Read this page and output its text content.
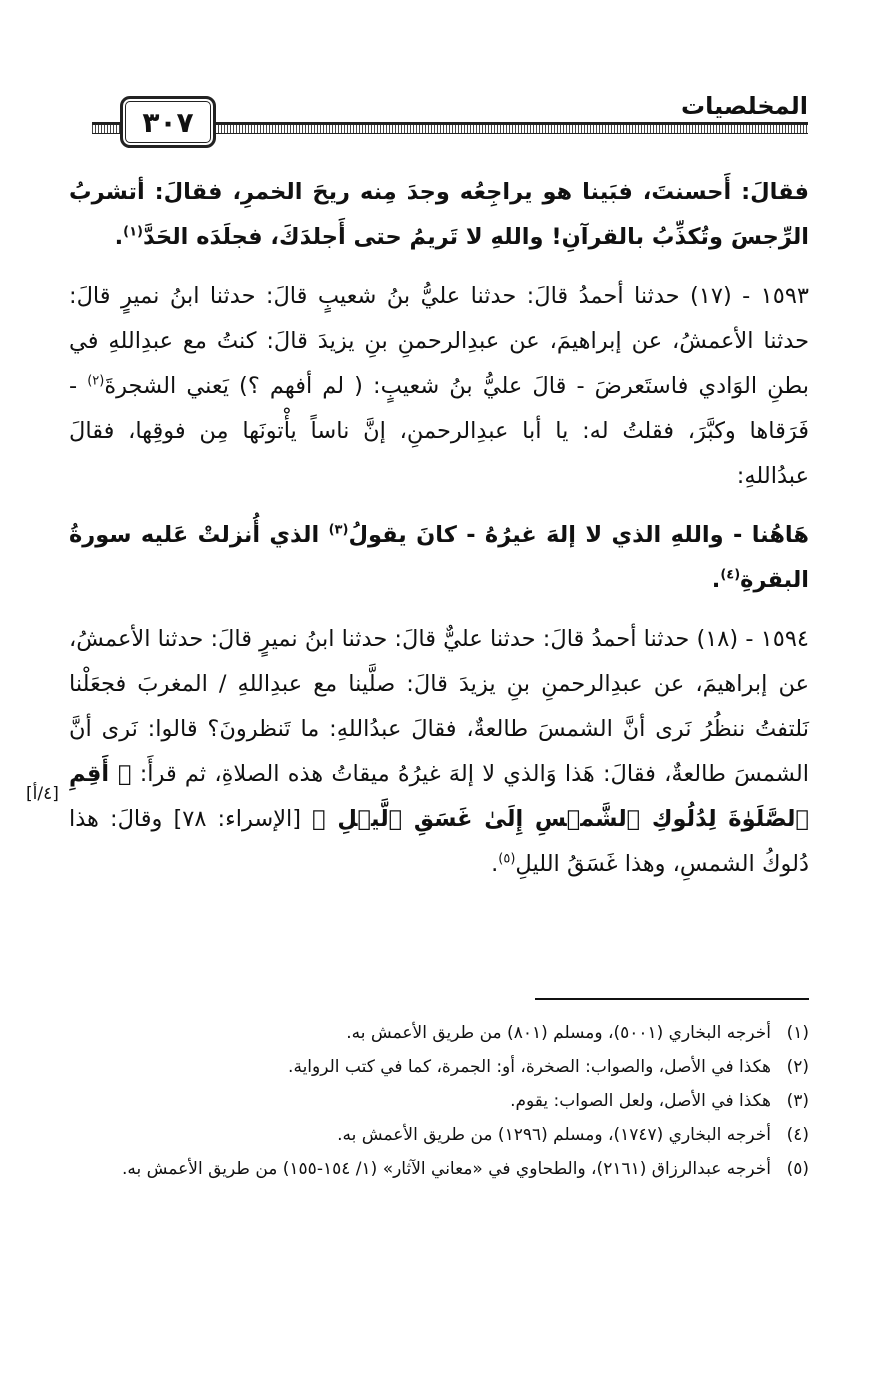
المخلصيات
٣٠٧

فقالَ: أَحسنتَ، فبَينا هو يراجِعُه وجدَ مِنه ريحَ الخمرِ، فقالَ: أتشربُ الرِّجسَ وتُكذِّبُ بالقرآنِ! واللهِ لا تَريمُ حتى أَجلدَكَ، فجلَدَه الحَدَّ$^{(١)}$.

١٥٩٣ - (١٧) حدثنا أحمدُ قالَ: حدثنا عليُّ بنُ شعيبٍ قالَ: حدثنا ابنُ نميرٍ قالَ: حدثنا الأعمشُ، عن إبراهيمَ، عن عبدِالرحمنِ بنِ يزيدَ قالَ: كنتُ مع عبدِاللهِ في بطنِ الوَادي فاستَعرضَ - قالَ عليُّ بنُ شعيبٍ: ( لم أفهم ؟) يَعني الشجرةَ$^{(٢)}$ - فَرَقاها وكبَّرَ، فقلتُ له: يا أبا عبدِالرحمنِ، إنَّ ناساً يأْتونَها مِن فوقِها، فقالَ عبدُاللهِ:

هَاهُنا - واللهِ الذي لا إلهَ غيرُهُ - كانَ يقولُ$^{(٣)}$ الذي أُنزلتْ عَليه سورةُ البقرةِ$^{(٤)}$.

١٥٩٤ - (١٨) حدثنا أحمدُ قالَ: حدثنا عليٌّ قالَ: حدثنا ابنُ نميرٍ قالَ: حدثنا الأعمشُ، عن إبراهيمَ، عن عبدِالرحمنِ بنِ يزيدَ قالَ: صلَّينا مع عبدِاللهِ / المغربَ فجعَلْنا نَلتفتُ ننظُرُ نَرى أنَّ الشمسَ طالعةٌ، فقالَ عبدُاللهِ: ما تَنظرونَ؟ قالوا: نَرى أنَّ الشمسَ طالعةٌ، فقالَ: هَذا وَالذي لا إلهَ غيرُهُ ميقاتُ هذه الصلاةِ، ثم قرأَ: ﴿ أَقِمِ ٱلصَّلَوٰةَ لِدُلُوكِ ٱلشَّمۡسِ إِلَىٰ غَسَقِ ٱلَّيۡلِ ﴾ [الإسراء: ٧٨] وقالَ: هذا دُلوكُ الشمسِ، وهذا غَسَقُ الليلِ$^{(٥)}$.

[٤/أ]
(١)
أخرجه البخاري (٥٠٠١)، ومسلم (٨٠١) من طريق الأعمش به.
(٢)
هكذا في الأصل، والصواب: الصخرة، أو: الجمرة، كما في كتب الرواية.
(٣)
هكذا في الأصل، ولعل الصواب: يقوم.
(٤)
أخرجه البخاري (١٧٤٧)، ومسلم (١٢٩٦) من طريق الأعمش به.
(٥)
أخرجه عبدالرزاق (٢١٦١)، والطحاوي في «معاني الآثار» (١/ ١٥٤-١٥٥) من طريق الأعمش به.
